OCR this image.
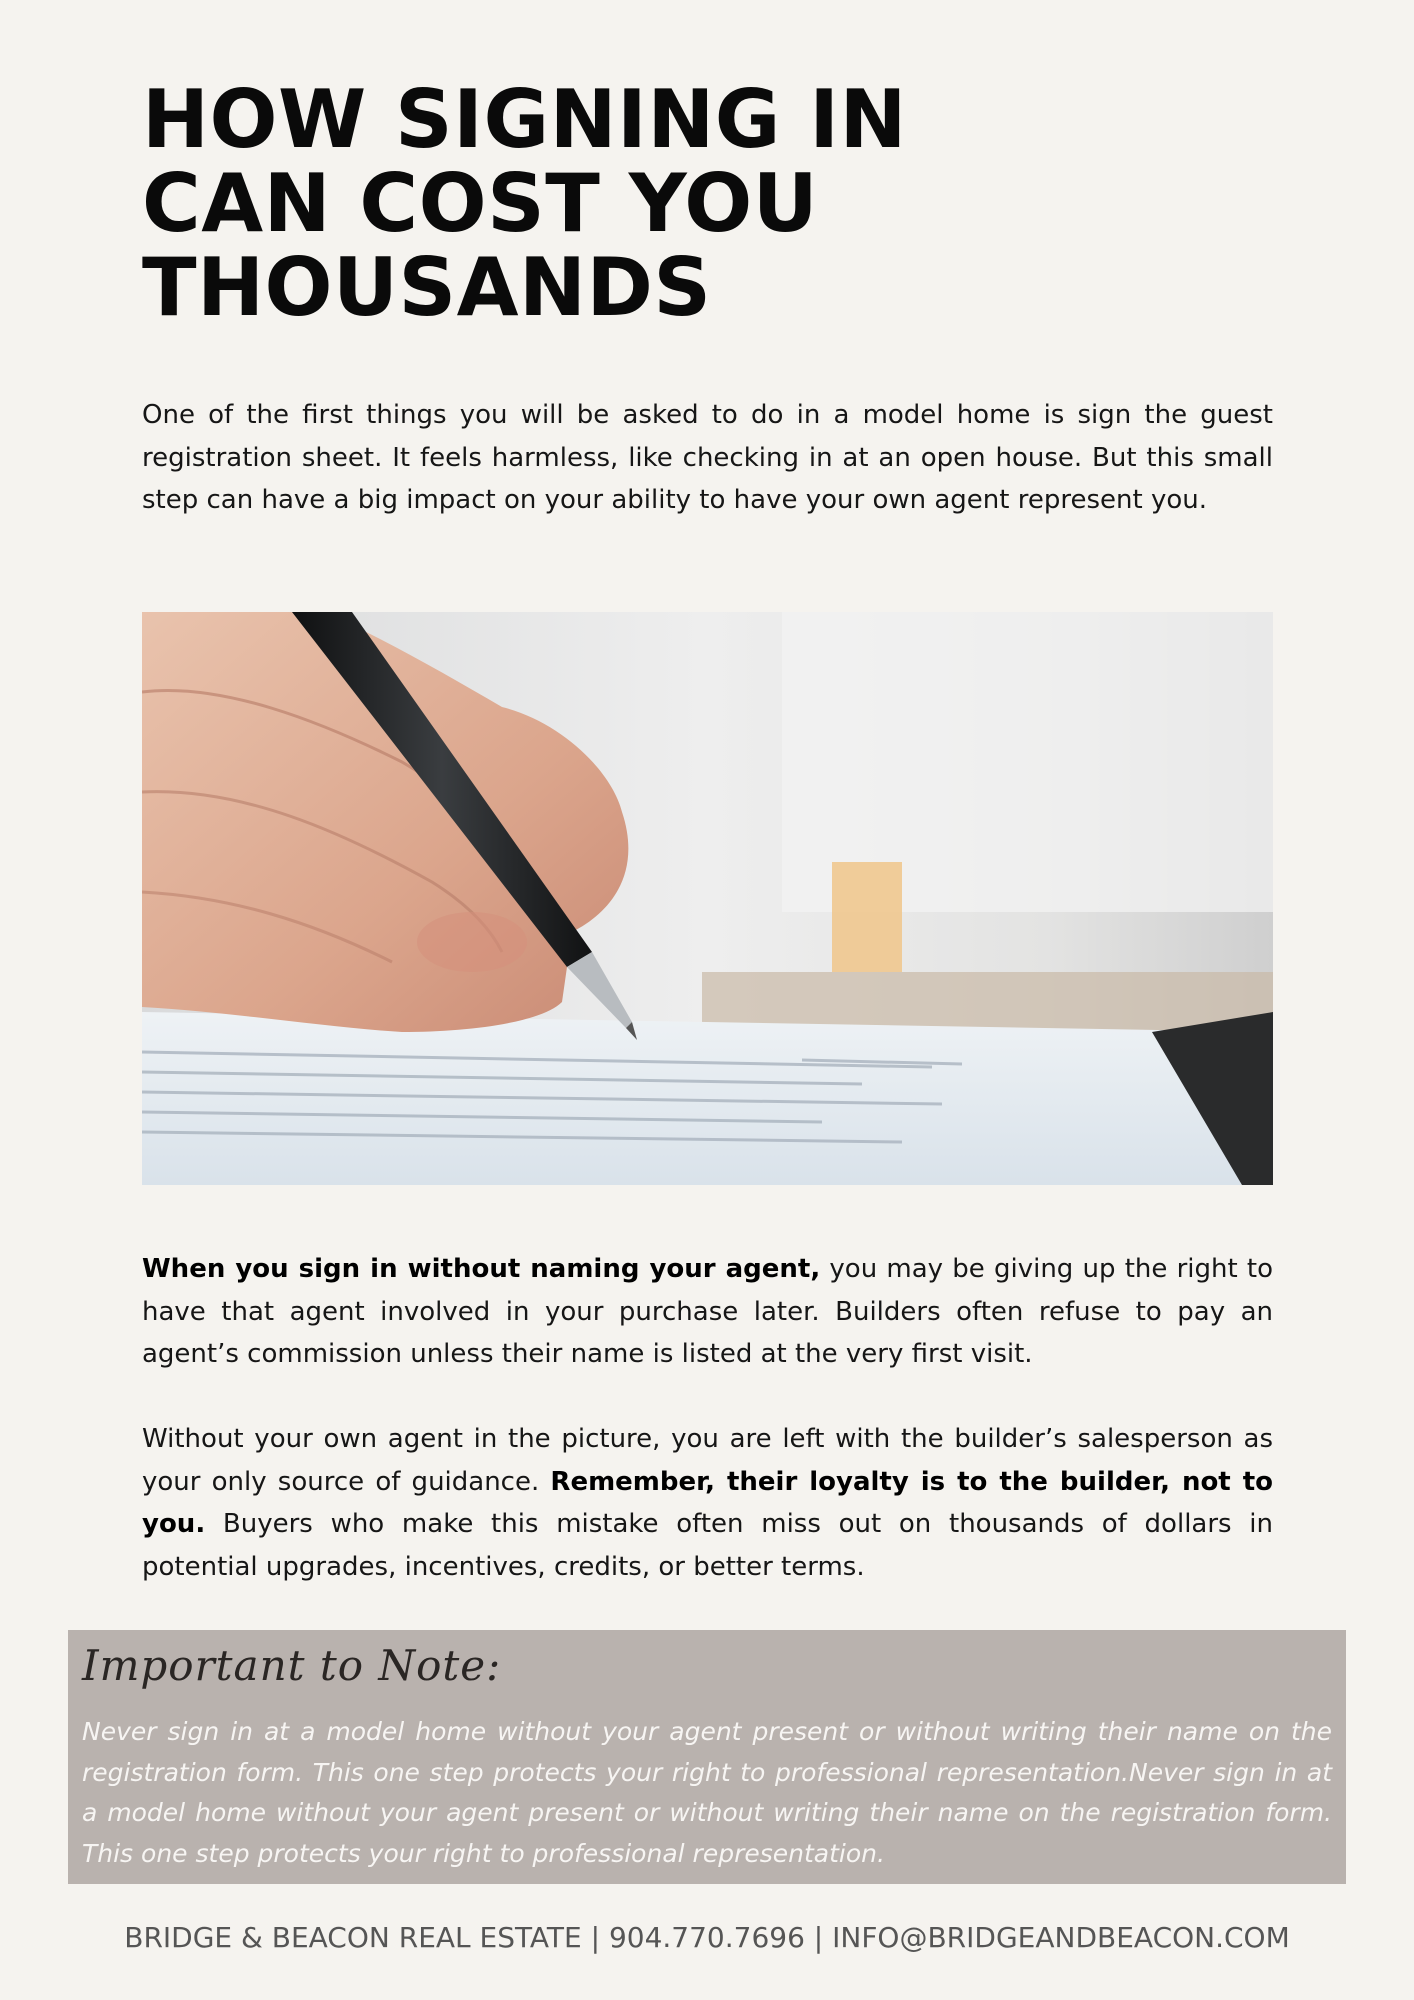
HOW SIGNING IN
CAN COST YOU
THOUSANDS

One of the first things you will be asked to do in a model home is sign the guest registration sheet. It feels harmless, like checking in at an open house. But this small step can have a big impact on your ability to have your own agent represent you.

When you sign in without naming your agent, you may be giving up the right to have that agent involved in your purchase later. Builders often refuse to pay an agent’s commission unless their name is listed at the very first visit.

Without your own agent in the picture, you are left with the builder’s salesperson as your only source of guidance. Remember, their loyalty is to the builder, not to you. Buyers who make this mistake often miss out on thousands of dollars in potential upgrades, incentives, credits, or better terms.

Important to Note:

Never sign in at a model home without your agent present or without writing their name on the registration form. This one step protects your right to professional representation.Never sign in at a model home without your agent present or without writing their name on the registration form. This one step protects your right to professional representation.

BRIDGE & BEACON REAL ESTATE | 904.770.7696 | INFO@BRIDGEANDBEACON.COM
